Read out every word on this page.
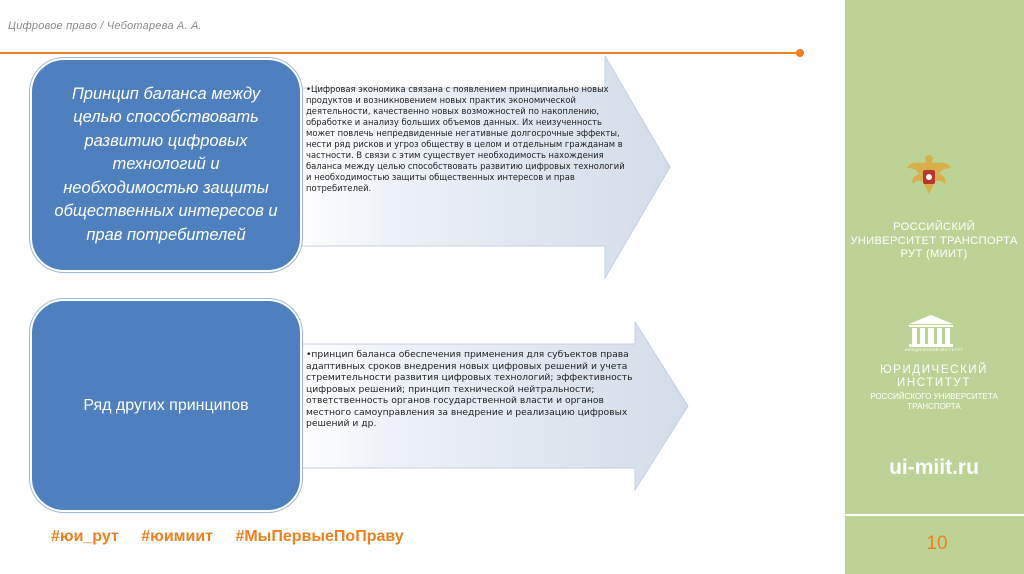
Цифровое право / Чеботарева А. А.
Принцип баланса между целью способствовать развитию цифровых технологий и необходимостью защиты общественных интересов и прав потребителей
•Цифровая экономика связана с появлением принципиально новых продуктов и возникновением новых практик экономической деятельности, качественно новых возможностей по накоплению, обработке и анализу больших объемов данных. Их неизученность может повлечь непредвиденные негативные долгосрочные эффекты, нести ряд рисков и угроз обществу в целом и отдельным гражданам в частности. В связи с этим существует необходимость нахождения баланса между целью способствовать развитию цифровых технологий и необходимостью защиты общественных интересов и прав потребителей.
Ряд других принципов
•принцип баланса обеспечения применения для субъектов права адаптивных сроков внедрения новых цифровых решений и учета стремительности развития цифровых технологий; эффективность цифровых решений; принцип технической нейтральности; ответственность органов государственной власти и органов местного самоуправления за внедрение и реализацию цифровых решений и др.
#юи_рут #юимиит #МыПервыеПоПраву
РОССИЙСКИЙ УНИВЕРСИТЕТ ТРАНСПОРТА РУТ (МИИТ)
ЮРИДИЧЕСКИЙ ИНСТИТУТ
ЮРИДИЧЕСКИЙ ИНСТИТУТ
РОССИЙСКОГО УНИВЕРСИТЕТА ТРАНСПОРТА
ui-miit.ru
10
